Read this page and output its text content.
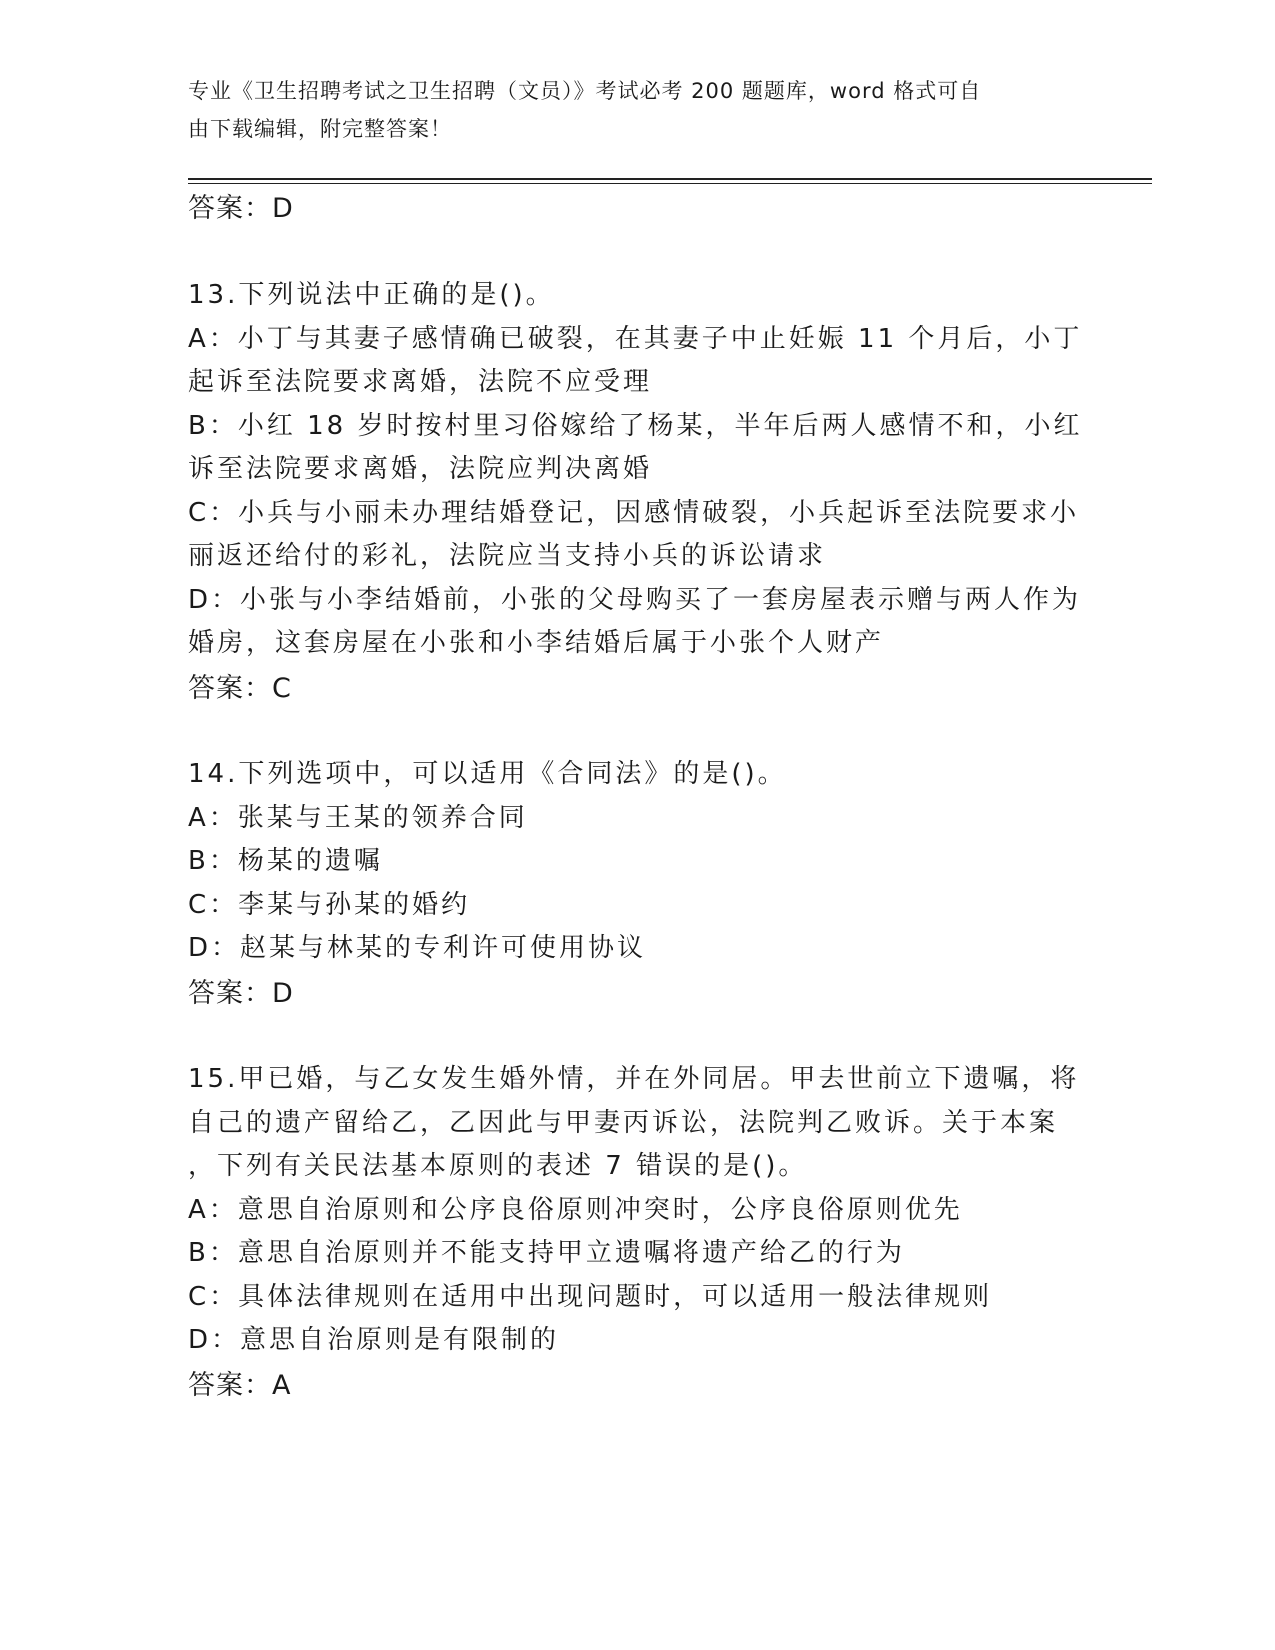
专业《卫生招聘考试之卫生招聘（文员）》考试必考 200 题题库，word 格式可自
由下载编辑，附完整答案！
答案：D
13.下列说法中正确的是()。
A：小丁与其妻子感情确已破裂，在其妻子中止妊娠 11 个月后，小丁
起诉至法院要求离婚，法院不应受理
B：小红 18 岁时按村里习俗嫁给了杨某，半年后两人感情不和，小红
诉至法院要求离婚，法院应判决离婚
C：小兵与小丽未办理结婚登记，因感情破裂，小兵起诉至法院要求小
丽返还给付的彩礼，法院应当支持小兵的诉讼请求
D：小张与小李结婚前，小张的父母购买了一套房屋表示赠与两人作为
婚房，这套房屋在小张和小李结婚后属于小张个人财产
答案：C
14.下列选项中，可以适用《合同法》的是()。
A：张某与王某的领养合同
B：杨某的遗嘱
C：李某与孙某的婚约
D：赵某与林某的专利许可使用协议
答案：D
15.甲已婚，与乙女发生婚外情，并在外同居。甲去世前立下遗嘱，将
自己的遗产留给乙，乙因此与甲妻丙诉讼，法院判乙败诉。关于本案
，下列有关民法基本原则的表述 7 错误的是()。
A：意思自治原则和公序良俗原则冲突时，公序良俗原则优先
B：意思自治原则并不能支持甲立遗嘱将遗产给乙的行为
C：具体法律规则在适用中出现问题时，可以适用一般法律规则
D：意思自治原则是有限制的
答案：A
